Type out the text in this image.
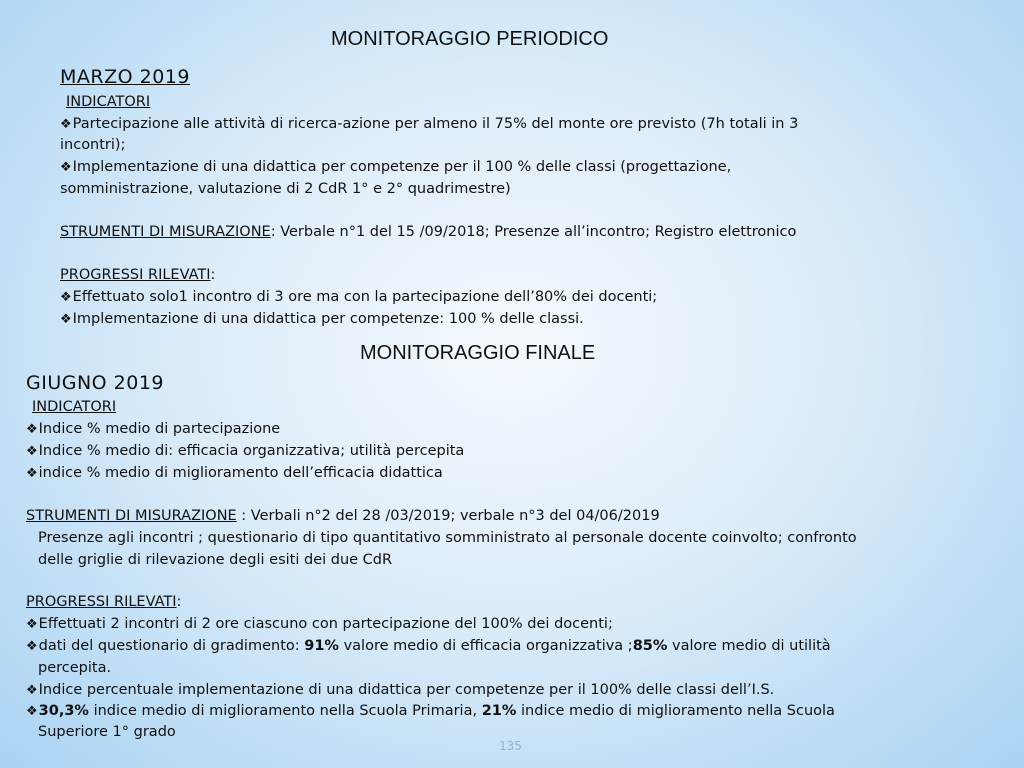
MONITORAGGIO PERIODICO
MARZO 2019
INDICATORI
❖Partecipazione alle attività di ricerca-azione per almeno il 75% del monte ore previsto (7h totali in 3
incontri);
❖Implementazione di una didattica per competenze per il 100 % delle classi (progettazione,
somministrazione, valutazione di 2 CdR 1° e 2° quadrimestre)
STRUMENTI DI MISURAZIONE: Verbale n°1 del 15 /09/2018; Presenze all’incontro; Registro elettronico
PROGRESSI RILEVATI:
❖Effettuato solo1 incontro di 3 ore ma con la partecipazione dell’80% dei docenti;
❖Implementazione di una didattica per competenze: 100 % delle classi.
MONITORAGGIO FINALE
GIUGNO 2019
INDICATORI
❖Indice % medio di partecipazione
❖Indice % medio di: efficacia organizzativa; utilità percepita
❖indice % medio di miglioramento dell’efficacia didattica
STRUMENTI DI MISURAZIONE : Verbali n°2 del 28 /03/2019; verbale n°3 del 04/06/2019
Presenze agli incontri ; questionario di tipo quantitativo somministrato al personale docente coinvolto; confronto
delle griglie di rilevazione degli esiti dei due CdR
PROGRESSI RILEVATI:
❖Effettuati 2 incontri di 2 ore ciascuno con partecipazione del 100% dei docenti;
❖dati del questionario di gradimento: 91% valore medio di efficacia organizzativa ;85% valore medio di utilità
percepita.
❖Indice percentuale implementazione di una didattica per competenze per il 100% delle classi dell’I.S.
❖30,3% indice medio di miglioramento nella Scuola Primaria, 21% indice medio di miglioramento nella Scuola
Superiore 1° grado
135
